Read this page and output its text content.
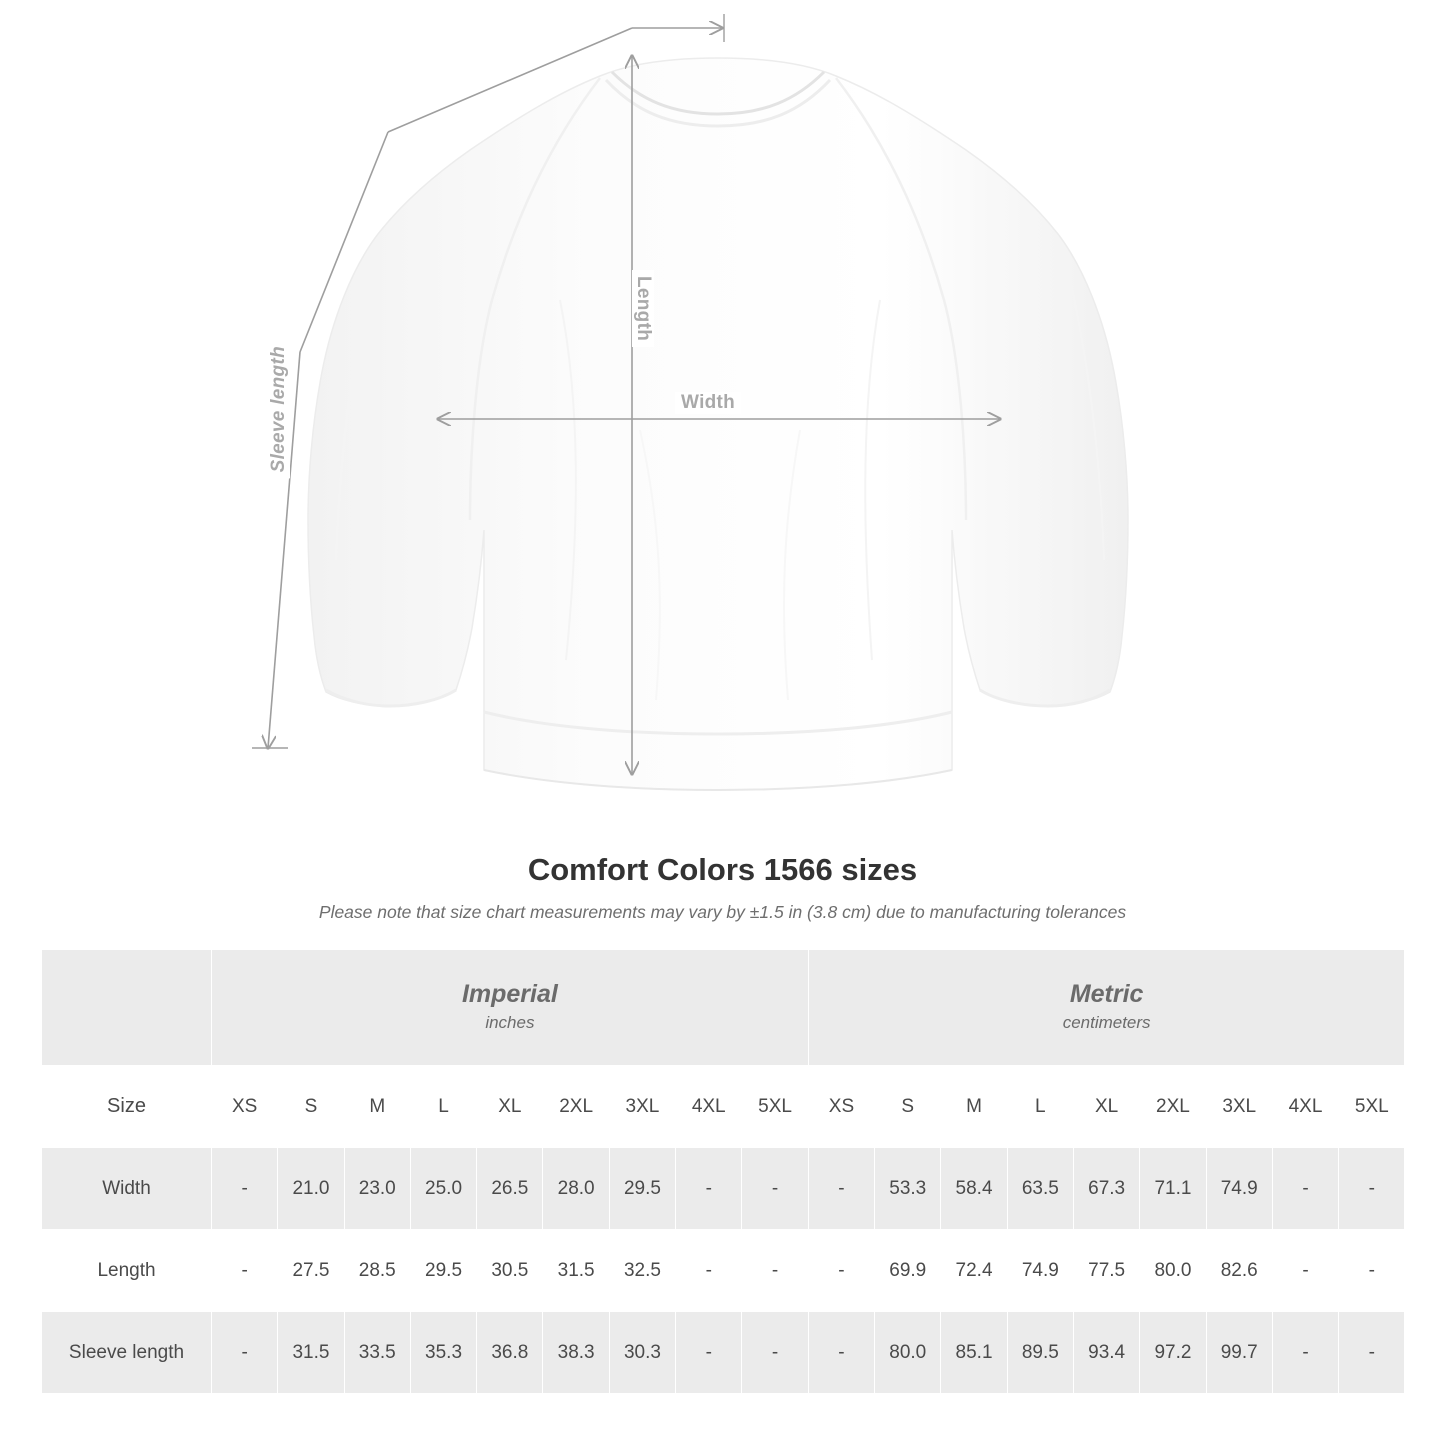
Width
Length
Sleeve length
Comfort Colors 1566 sizes

Please note that size chart measurements may vary by ±1.5 in (3.8 cm) due to manufacturing tolerances

Imperial
inches

Metric
centimeters

Size	XS	S	M	L	XL	2XL	3XL	4XL	5XL	XS	S	M	L	XL	2XL	3XL	4XL	5XL
Width	-	21.0	23.0	25.0	26.5	28.0	29.5	-	-	-	53.3	58.4	63.5	67.3	71.1	74.9	-	-
Length	-	27.5	28.5	29.5	30.5	31.5	32.5	-	-	-	69.9	72.4	74.9	77.5	80.0	82.6	-	-
Sleeve length	-	31.5	33.5	35.3	36.8	38.3	30.3	-	-	-	80.0	85.1	89.5	93.4	97.2	99.7	-	-
